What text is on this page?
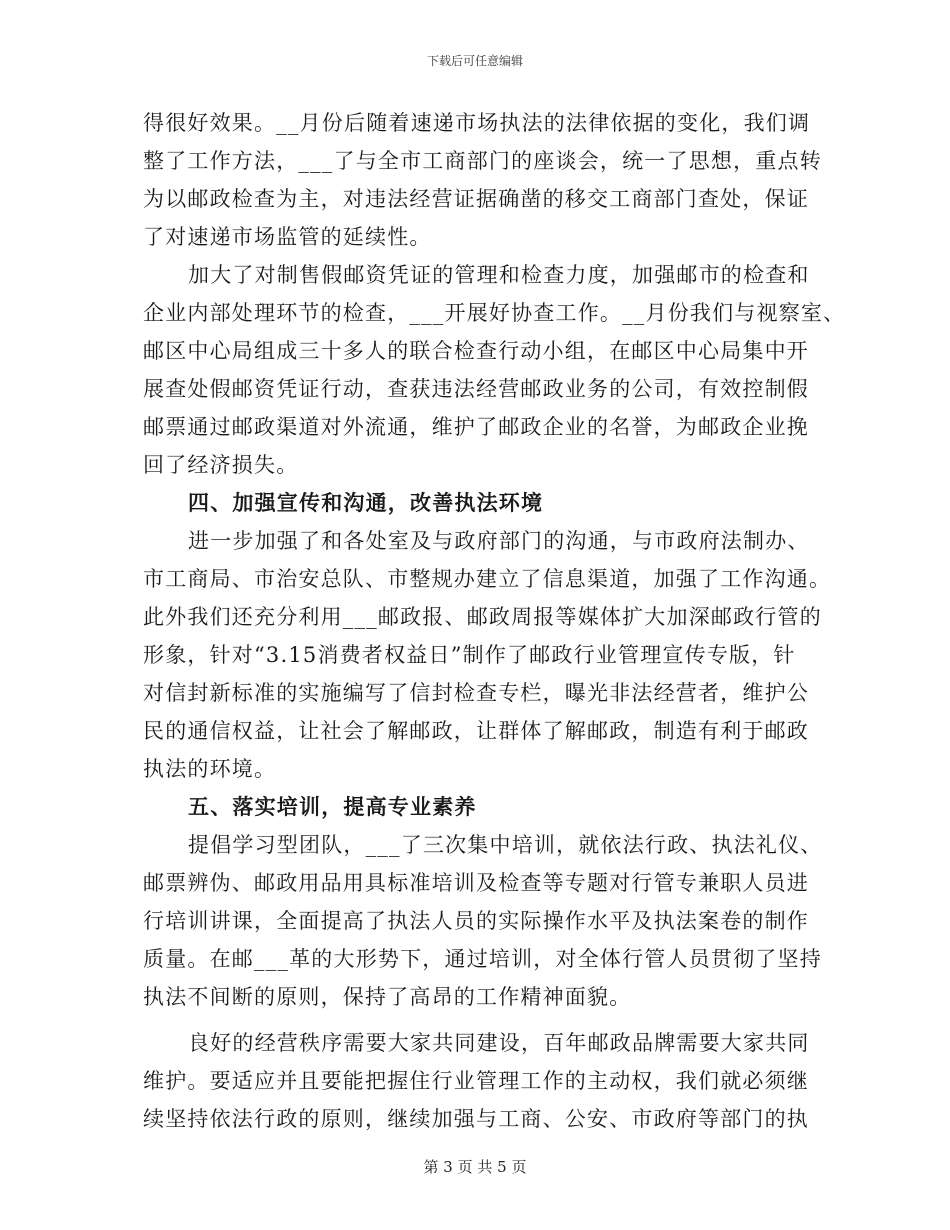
下载后可任意编辑
得很好效果。__月份后随着速递市场执法的法律依据的变化，我们调
整了工作方法，___了与全市工商部门的座谈会，统一了思想，重点转
为以邮政检查为主，对违法经营证据确凿的移交工商部门查处，保证
了对速递市场监管的延续性。
加大了对制售假邮资凭证的管理和检查力度，加强邮市的检查和
企业内部处理环节的检查，___开展好协查工作。__月份我们与视察室、
邮区中心局组成三十多人的联合检查行动小组，在邮区中心局集中开
展查处假邮资凭证行动，查获违法经营邮政业务的公司，有效控制假
邮票通过邮政渠道对外流通，维护了邮政企业的名誉，为邮政企业挽
回了经济损失。
四、加强宣传和沟通，改善执法环境
进一步加强了和各处室及与政府部门的沟通，与市政府法制办、
市工商局、市治安总队、市整规办建立了信息渠道，加强了工作沟通。
此外我们还充分利用___邮政报、邮政周报等媒体扩大加深邮政行管的
形象，针对“3.15消费者权益日”制作了邮政行业管理宣传专版，针
对信封新标准的实施编写了信封检查专栏，曝光非法经营者，维护公
民的通信权益，让社会了解邮政，让群体了解邮政，制造有利于邮政
执法的环境。
五、落实培训，提高专业素养
提倡学习型团队，___了三次集中培训，就依法行政、执法礼仪、
邮票辨伪、邮政用品用具标准培训及检查等专题对行管专兼职人员进
行培训讲课，全面提高了执法人员的实际操作水平及执法案卷的制作
质量。在邮___革的大形势下，通过培训，对全体行管人员贯彻了坚持
执法不间断的原则，保持了高昂的工作精神面貌。
良好的经营秩序需要大家共同建设，百年邮政品牌需要大家共同
维护。要适应并且要能把握住行业管理工作的主动权，我们就必须继
续坚持依法行政的原则，继续加强与工商、公安、市政府等部门的执
第 3 页 共 5 页
